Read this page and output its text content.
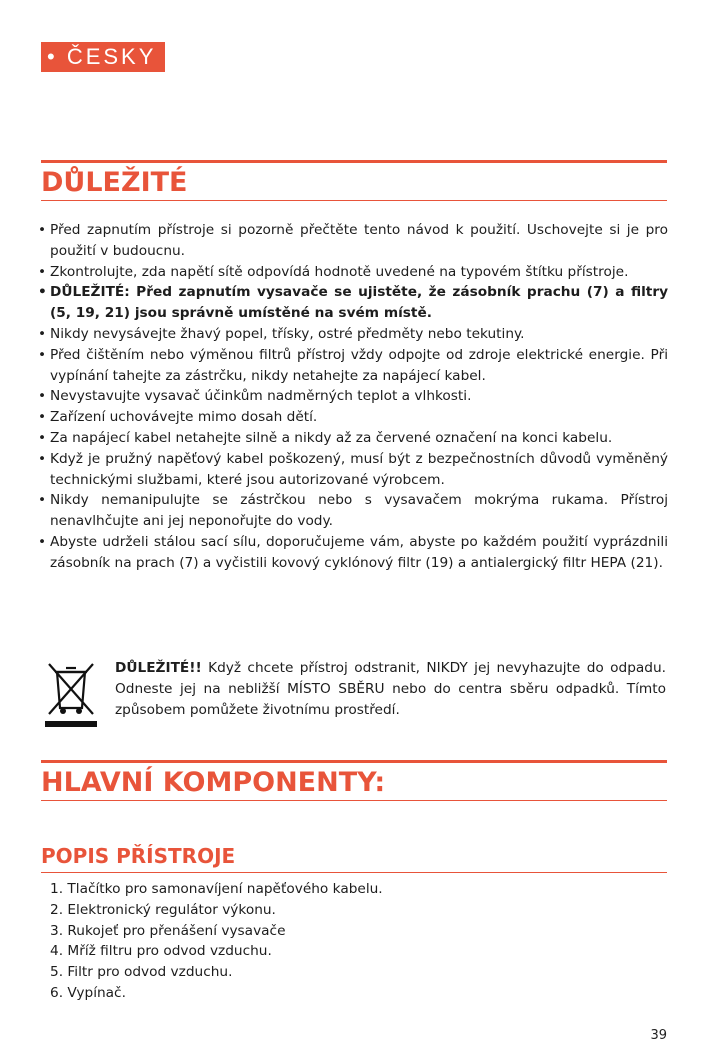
• ČESKY
DŮLEŽITÉ
• Před zapnutím přístroje si pozorně přečtěte tento návod k použití. Uschovejte si je pro použití v budoucnu.
• Zkontrolujte, zda napětí sítě odpovídá hodnotě uvedené na typovém štítku přístroje.
• DŮLEŽITÉ: Před zapnutím vysavače se ujistěte, že zásobník prachu (7) a filtry (5, 19, 21) jsou správně umístěné na svém místě.
• Nikdy nevysávejte žhavý popel, třísky, ostré předměty nebo tekutiny.
• Před čištěním nebo výměnou filtrů přístroj vždy odpojte od zdroje elektrické energie. Při vypínání tahejte za zástrčku, nikdy netahejte za napájecí kabel.
• Nevystavujte vysavač účinkům nadměrných teplot a vlhkosti.
• Zařízení uchovávejte mimo dosah dětí.
• Za napájecí kabel netahejte silně a nikdy až za červené označení na konci kabelu.
• Když je pružný napěťový kabel poškozený, musí být z bezpečnostních důvodů vyměněný technickými službami, které jsou autorizované výrobcem.
• Nikdy nemanipulujte se zástrčkou nebo s vysavačem mokrýma rukama. Přístroj nenavlhčujte ani jej neponořujte do vody.
• Abyste udrželi stálou sací sílu, doporučujeme vám, abyste po každém použití vyprázdnili zásobník na prach (7) a vyčistili kovový cyklónový filtr (19) a antialergický filtr HEPA (21).
DŮLEŽITÉ!! Když chcete přístroj odstranit, NIKDY jej nevyhazujte do odpadu. Odneste jej na nebližší MÍSTO SBĚRU nebo do centra sběru odpadků. Tímto způsobem pomůžete životnímu prostředí.
HLAVNÍ KOMPONENTY:
POPIS PŘÍSTROJE
1. Tlačítko pro samonavíjení napěťového kabelu.
2. Elektronický regulátor výkonu.
3. Rukojeť pro přenášení vysavače
4. Mříž filtru pro odvod vzduchu.
5. Filtr pro odvod vzduchu.
6. Vypínač.
39
